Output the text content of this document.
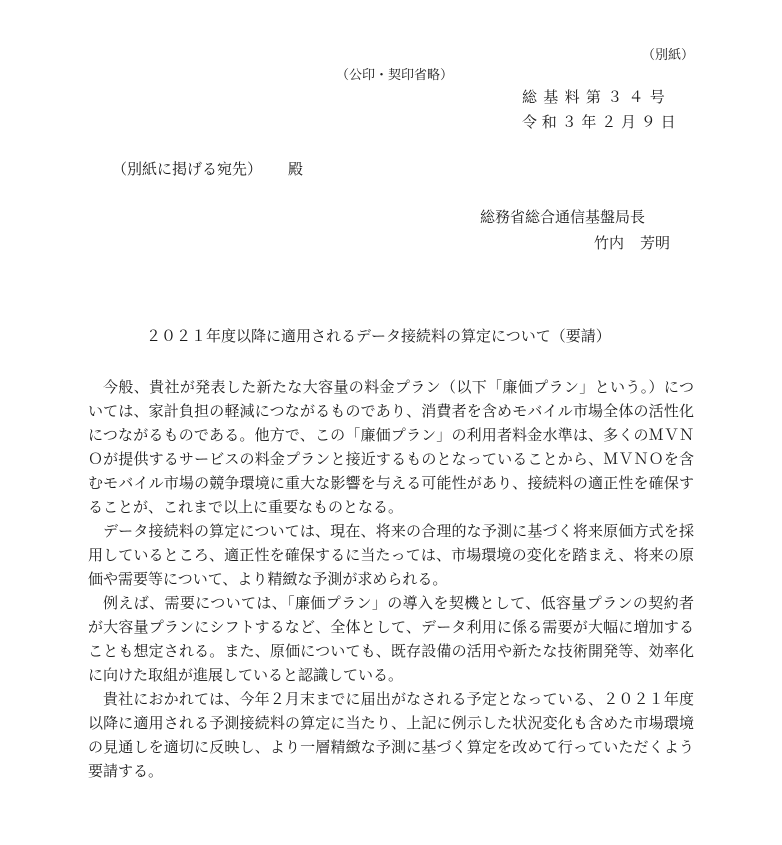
（別紙）
（公印・契印省略）
総基料第３４号
令和３年２月９日
（別紙に掲げる宛先） 殿
総務省総合通信基盤局長
竹内 芳明
２０２１年度以降に適用されるデータ接続料の算定について（要請）

今般、貴社が発表した新たな大容量の料金プラン（以下「廉価プラン」という。）については、家計負担の軽減につながるものであり、消費者を含めモバイル市場全体の活性化につながるものである。他方で、この「廉価プラン」の利用者料金水準は、多くのＭＶＮＯが提供するサービスの料金プランと接近するものとなっていることから、ＭＶＮＯを含むモバイル市場の競争環境に重大な影響を与える可能性があり、接続料の適正性を確保することが、これまで以上に重要なものとなる。

データ接続料の算定については、現在、将来の合理的な予測に基づく将来原価方式を採用しているところ、適正性を確保するに当たっては、市場環境の変化を踏まえ、将来の原価や需要等について、より精緻な予測が求められる。

例えば、需要については、「廉価プラン」の導入を契機として、低容量プランの契約者が大容量プランにシフトするなど、全体として、データ利用に係る需要が大幅に増加することも想定される。また、原価についても、既存設備の活用や新たな技術開発等、効率化に向けた取組が進展していると認識している。

貴社におかれては、今年２月末までに届出がなされる予定となっている、２０２１年度以降に適用される予測接続料の算定に当たり、上記に例示した状況変化も含めた市場環境の見通しを適切に反映し、より一層精緻な予測に基づく算定を改めて行っていただくよう要請する。
